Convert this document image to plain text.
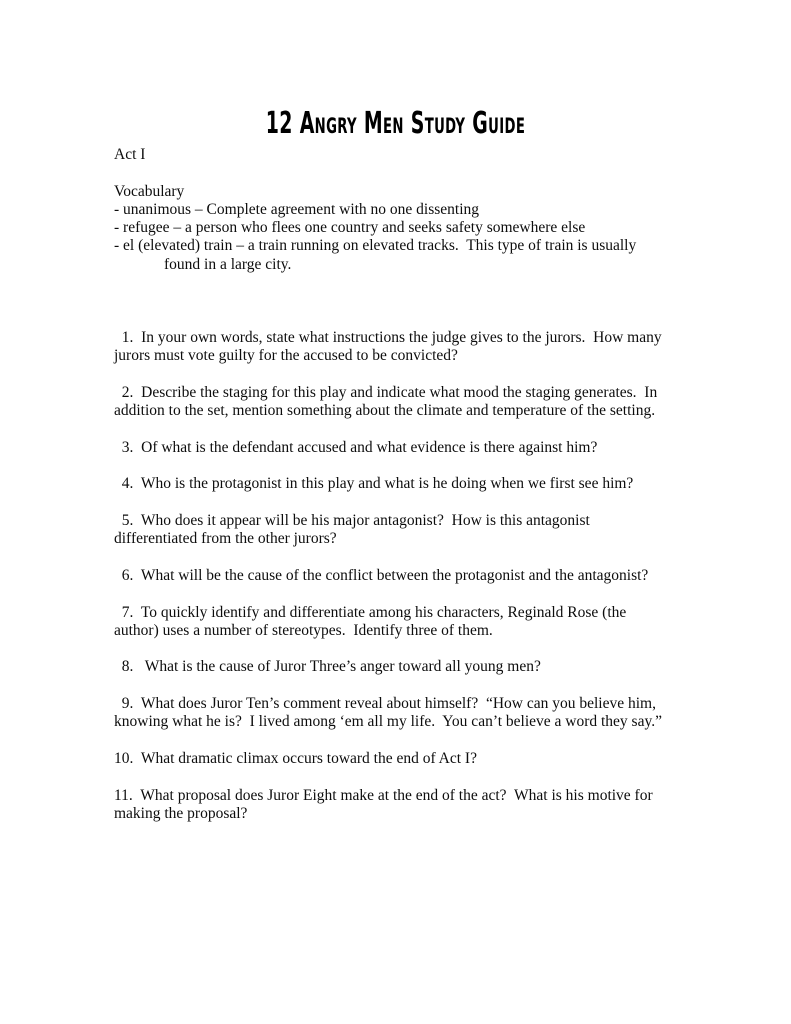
12 Angry Men Study Guide

Act I

Vocabulary

- unanimous – Complete agreement with no one dissenting

- refugee – a person who flees one country and seeks safety somewhere else

- el (elevated) train – a train running on elevated tracks.  This type of train is usually

found in a large city.

1.  In your own words, state what instructions the judge gives to the jurors.  How many jurors must vote guilty for the accused to be convicted?

2.  Describe the staging for this play and indicate what mood the staging generates.  In addition to the set, mention something about the climate and temperature of the setting.

3.  Of what is the defendant accused and what evidence is there against him?

4.  Who is the protagonist in this play and what is he doing when we first see him?

5.  Who does it appear will be his major antagonist?  How is this antagonist differentiated from the other jurors?

6.  What will be the cause of the conflict between the protagonist and the antagonist?

7.  To quickly identify and differentiate among his characters, Reginald Rose (the author) uses a number of stereotypes.  Identify three of them.

8.   What is the cause of Juror Three’s anger toward all young men?

9.  What does Juror Ten’s comment reveal about himself?  “How can you believe him, knowing what he is?  I lived among ‘em all my life.  You can’t believe a word they say.”

10.  What dramatic climax occurs toward the end of Act I?

11.  What proposal does Juror Eight make at the end of the act?  What is his motive for making the proposal?
